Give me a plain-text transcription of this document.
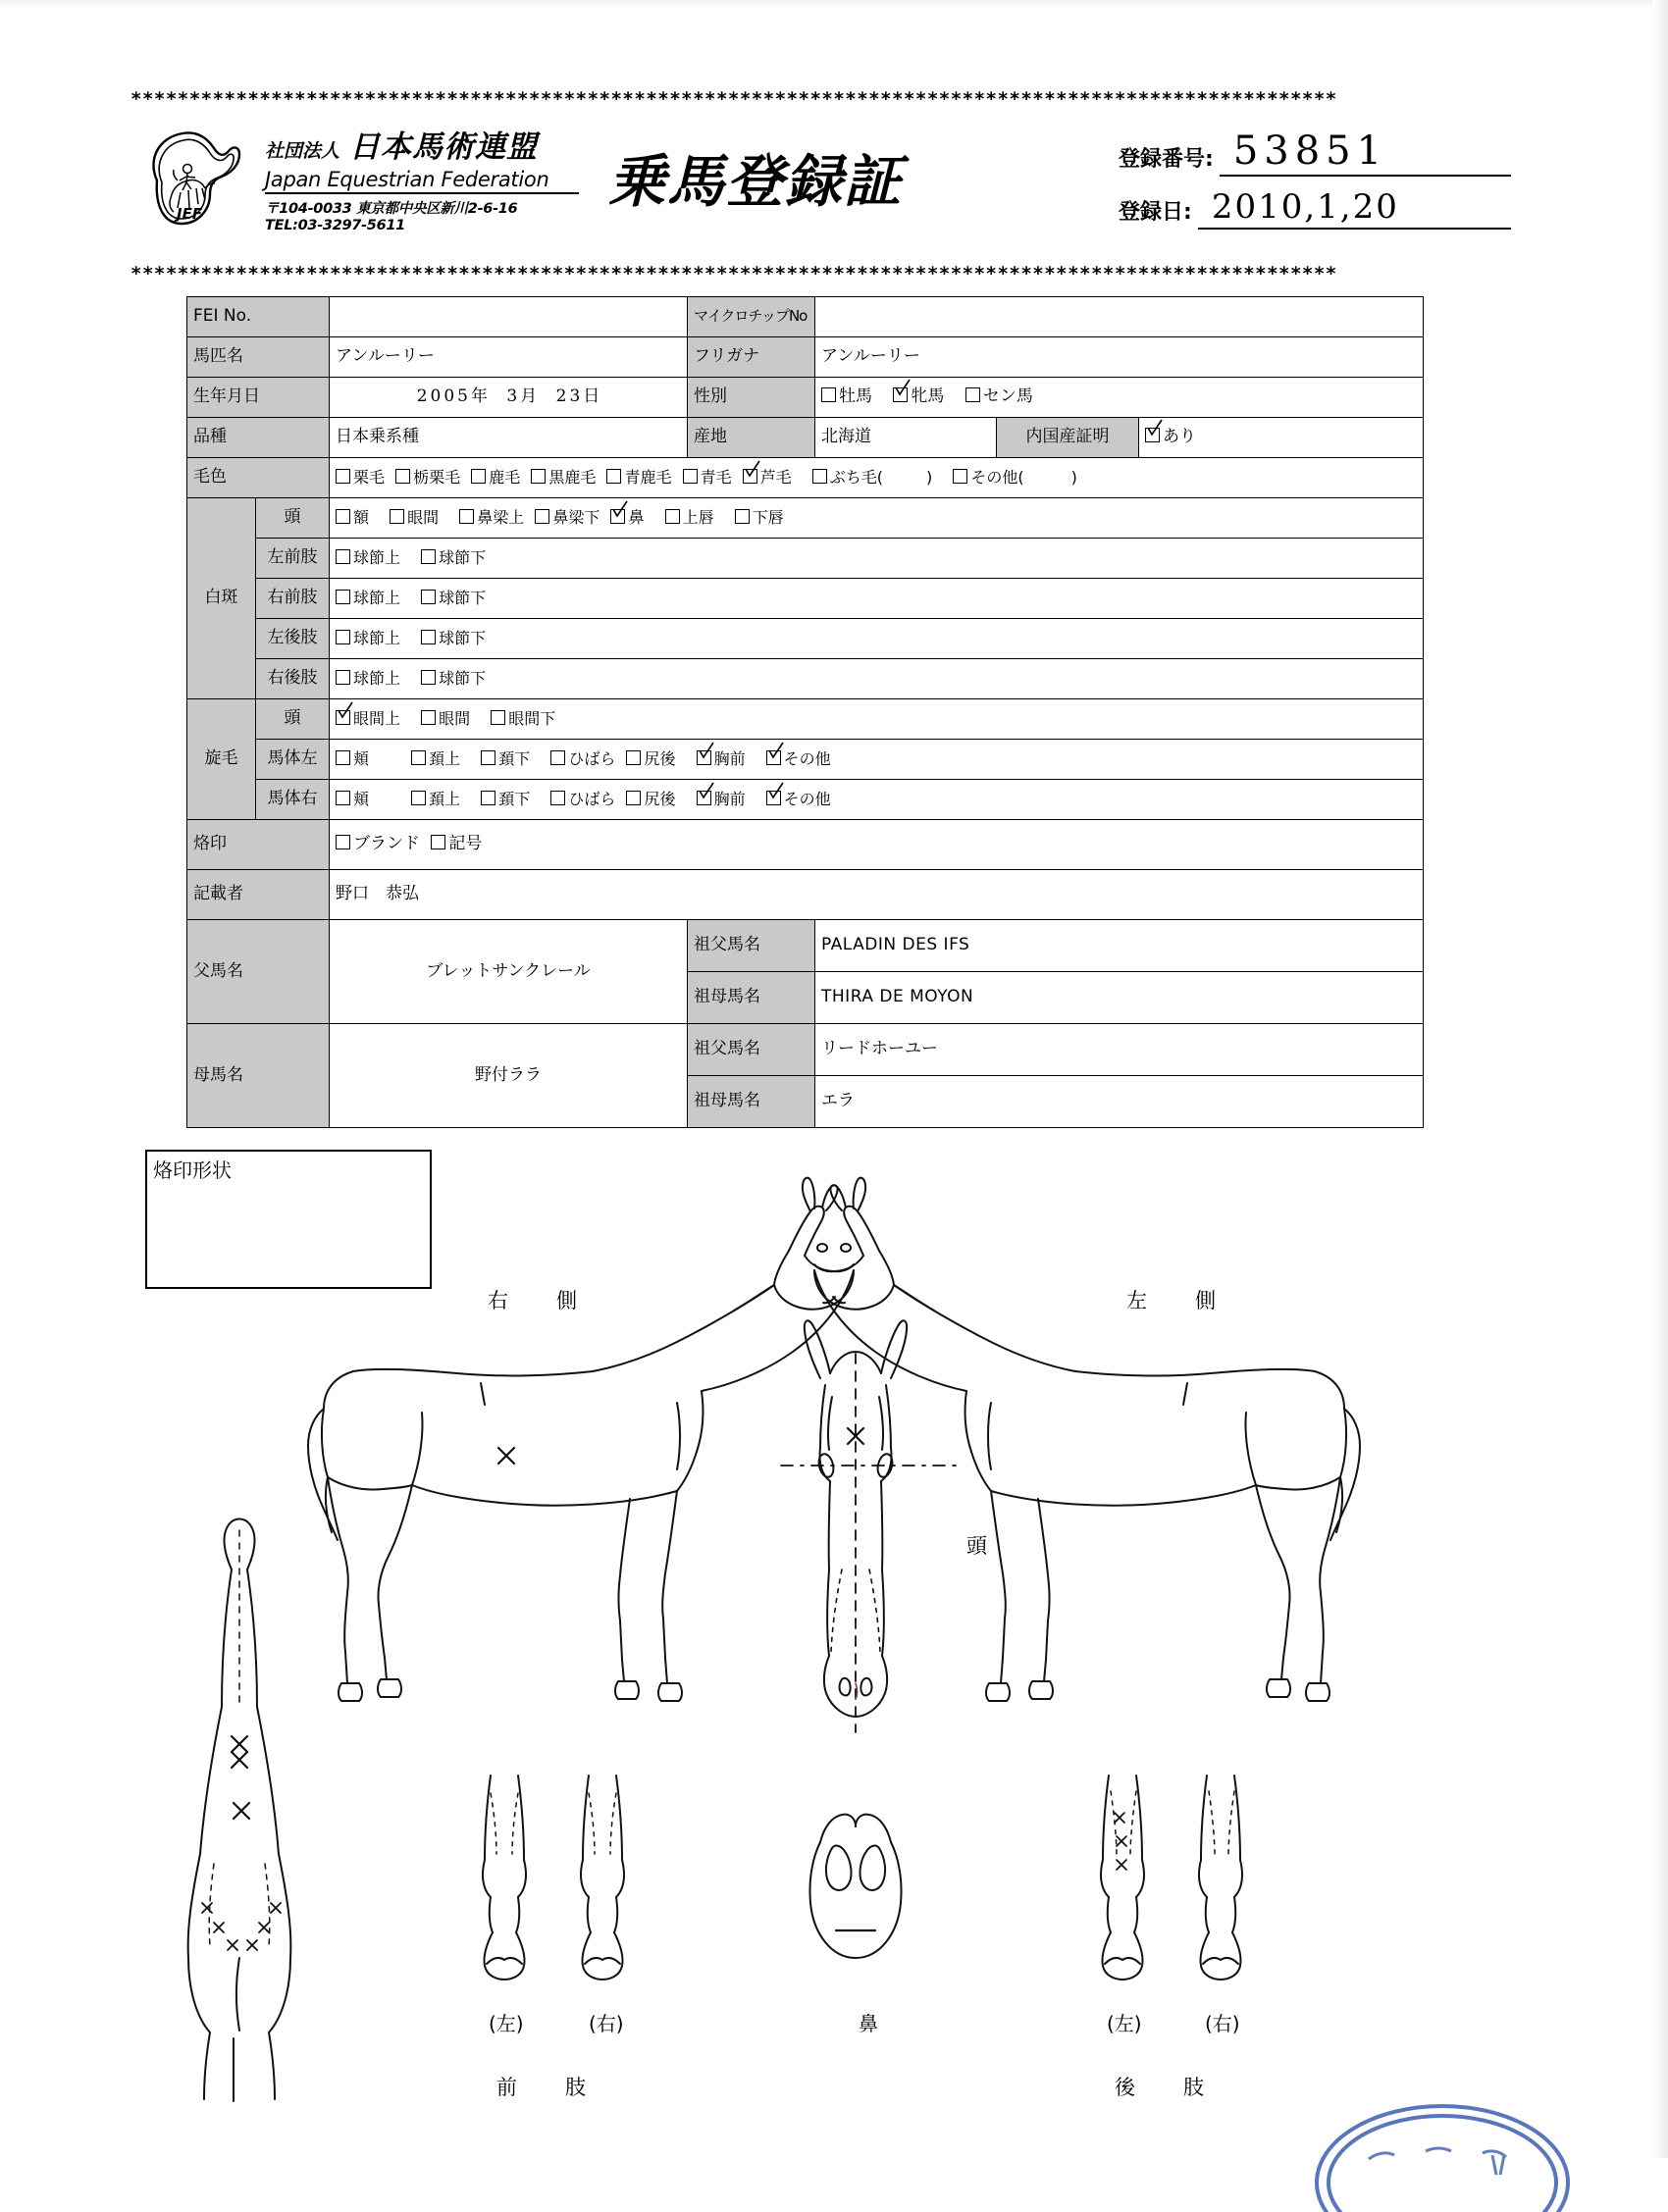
*******************************************************************************************************
JEF
社団法人 日本馬術連盟
Japan Equestrian Federation
〒104-0033 東京都中央区新川2-6-16
TEL:03-3297-5611
乗馬登録証	登録番号: 53851
登録日: 2010,1,20
*******************************************************************************************************
FEI No.			マイクロチップNo			
馬匹名		アンルーリー	フリガナ	アンルーリー		
生年月日		2005年 3月 23日	性別	牡馬 牝馬 セン馬		
品種		日本乗系種	産地	北海道	内国産証明	あり
毛色		栗毛 栃栗毛 鹿毛 黒鹿毛 青鹿毛 青毛 芦毛 ぶち毛( ) その他( )				
白斑	頭	額 眼間 鼻梁上 鼻梁下 鼻 上唇 下唇				
	左前肢	球節上 球節下				
	右前肢	球節上 球節下				
	左後肢	球節上 球節下				
	右後肢	球節上 球節下				
旋毛	頭	眼間上 眼間 眼間下				
	馬体左	頬 頚上 頚下 ひばら 尻後 胸前 その他				
	馬体右	頬 頚上 頚下 ひばら 尻後 胸前 その他				
烙印		ブランド 記号				
記載者		野口　恭弘				
父馬名		ブレットサンクレール	祖父馬名	PALADIN DES IFS		
			祖母馬名	THIRA DE MOYON		
母馬名		野付ララ	祖父馬名	リードホーユー		
			祖母馬名	エラ		
烙印形状
右　側	左　側
頭
(左)	(右)
前　肢
鼻	(左)	(右)
後　肢
